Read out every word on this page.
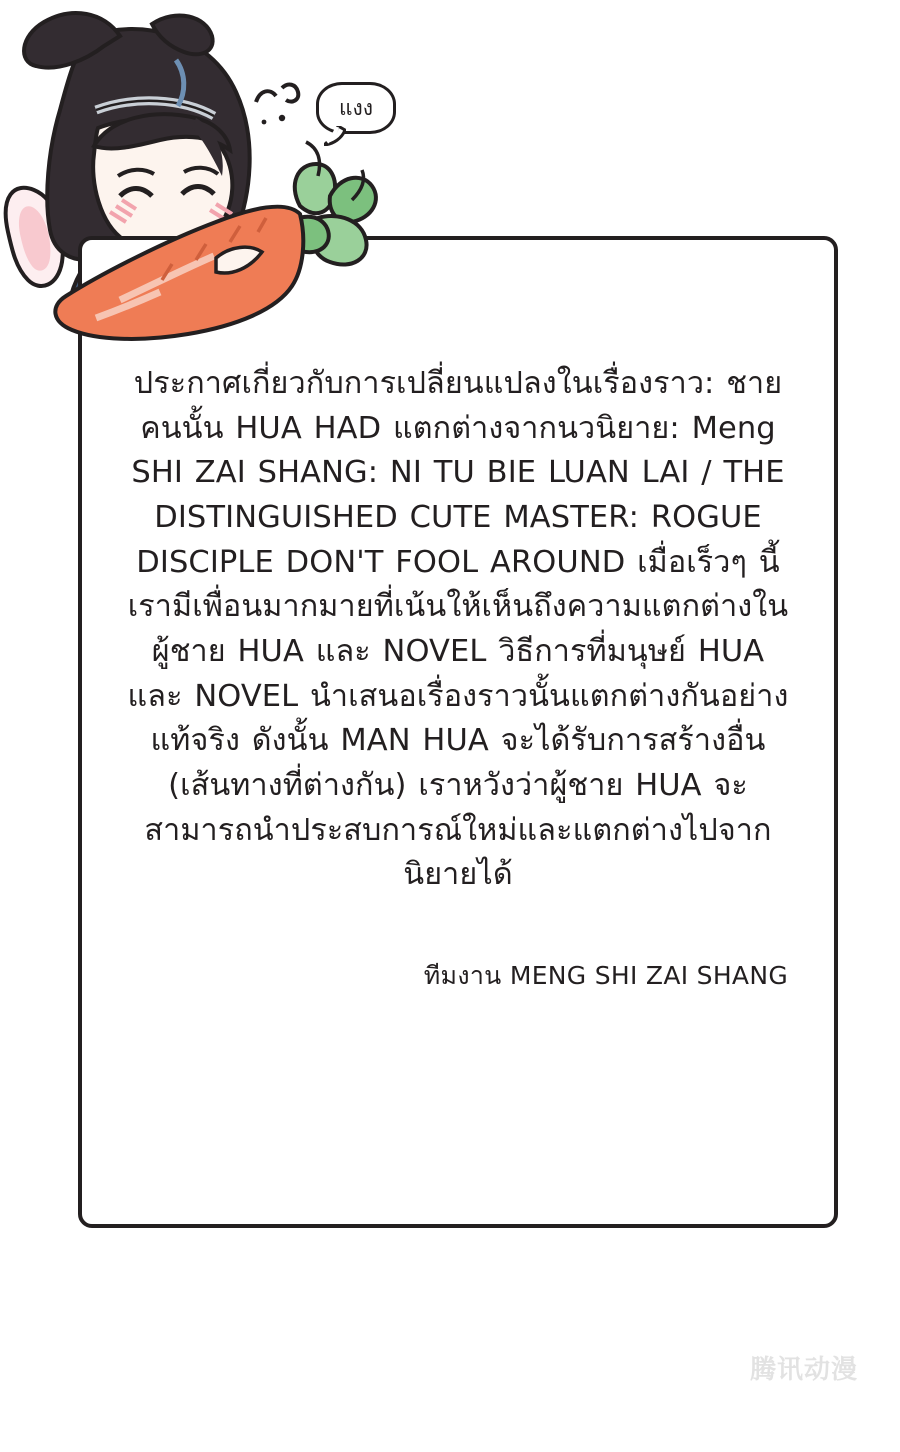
ประกาศเกี่ยวกับการเปลี่ยนแปลงในเรื่องราว: ชายคนนั้น HUA HAD แตกต่างจากนวนิยาย: Meng SHI ZAI SHANG: NI TU BIE LUAN LAI / THE DISTINGUISHED CUTE MASTER: ROGUE DISCIPLE DON'T FOOL AROUND เมื่อเร็วๆ นี้ เรามีเพื่อนมากมายที่เน้นให้เห็นถึงความแตกต่างในผู้ชาย HUA และ NOVEL วิธีการที่มนุษย์ HUA และ NOVEL นำเสนอเรื่องราวนั้นแตกต่างกันอย่างแท้จริง ดังนั้น MAN HUA จะได้รับการสร้างอื่น (เส้นทางที่ต่างกัน) เราหวังว่าผู้ชาย HUA จะสามารถนำประสบการณ์ใหม่และแตกต่างไปจากนิยายได้
ทีมงาน MENG SHI ZAI SHANG
แงง
腾讯动漫
